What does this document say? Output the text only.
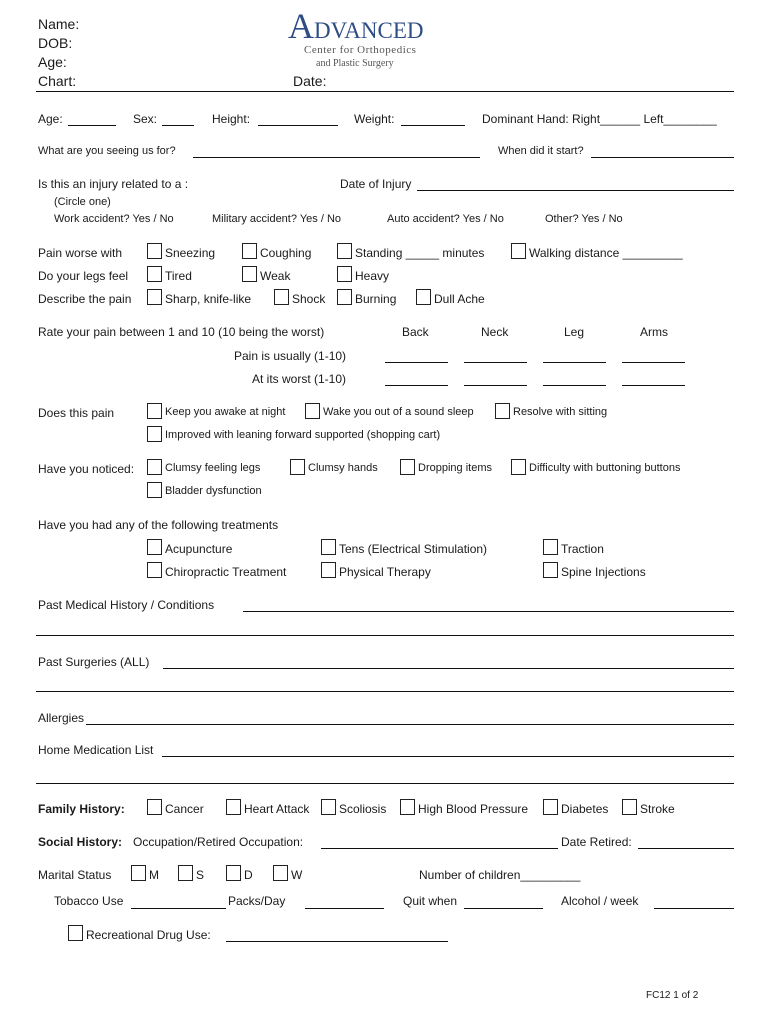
Name:
DOB:
Age:
Chart:	Date:
ADVANCED
Center for Orthopedics
and Plastic Surgery
Age:	Sex:	Height:	Weight:	Dominant Hand: Right______ Left________
What are you seeing us for?	When did it start?
Is this an injury related to a :	Date of Injury
(Circle one)
Work accident? Yes / No	Military accident? Yes / No	Auto accident? Yes / No	Other? Yes / No
Pain worse with	Sneezing	Coughing	Standing _____ minutes	Walking distance _________
Do your legs feel	Tired	Weak	Heavy
Describe the pain	Sharp, knife-like	Shock Burning	Dull Ache
Rate your pain between 1 and 10 (10 being the worst)	Back	Neck	Leg	Arms
Pain is usually (1-10)
At its worst (1-10)
Does this pain	Keep you awake at night	Wake you out of a sound sleep	Resolve with sitting
Improved with leaning forward supported (shopping cart)
Have you noticed:	Clumsy feeling legs	Clumsy hands	Dropping items	Difficulty with buttoning buttons
Bladder dysfunction
Have you had any of the following treatments
Acupuncture	Tens (Electrical Stimulation)	Traction
Chiropractic Treatment	Physical Therapy	Spine Injections
Past Medical History / Conditions
Past Surgeries (ALL)
Allergies
Home Medication List
Family History:	Cancer	Heart Attack Scoliosis	High Blood Pressure	Diabetes	Stroke
Social History: Occupation/Retired Occupation:	Date Retired:
Marital Status	M	S	D	W	Number of children_________
Tobacco Use	Packs/Day	Quit when	Alcohol / week
Recreational Drug Use:
FC12 1 of 2
